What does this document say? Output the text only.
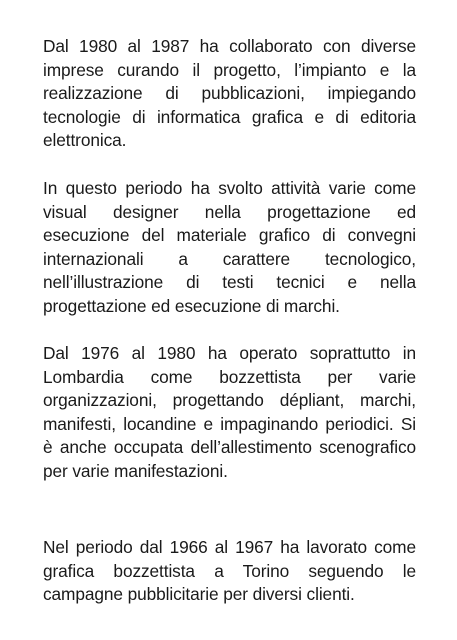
Dal 1980 al 1987 ha collaborato con diverse imprese curando il progetto, l’impianto e la realizzazione di pubblicazioni, impiegando tecnologie di informatica grafica e di editoria elettronica.

In questo periodo ha svolto attività varie come visual designer nella progettazione ed esecuzione del materiale grafico di convegni internazionali a carattere tecnologico, nell’illustrazione di testi tecnici e nella progettazione ed esecuzione di marchi.

Dal 1976 al 1980 ha operato soprattutto in Lombardia come bozzettista per varie organizzazioni, progettando dépliant, marchi, manifesti, locandine e impaginando periodici. Si è anche occupata dell’allestimento scenografico per varie manifestazioni.

Nel periodo dal 1966 al 1967 ha lavorato come grafica bozzettista a Torino seguendo le campagne pubblicitarie per diversi clienti.
